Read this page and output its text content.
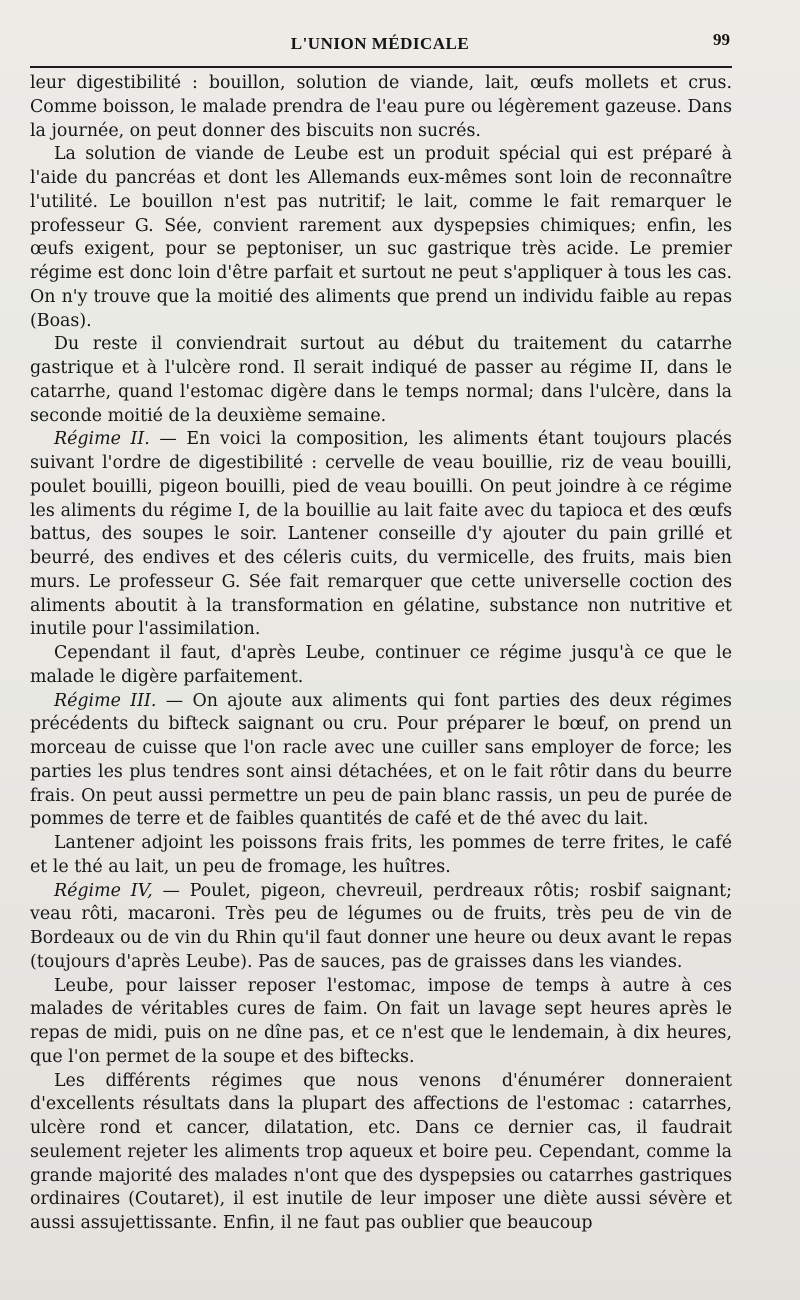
L'UNION MÉDICALE	99

leur digestibilité : bouillon, solution de viande, lait, œufs mollets et crus. Comme boisson, le malade prendra de l'eau pure ou légèrement gazeuse. Dans la journée, on peut donner des biscuits non sucrés.

La solution de viande de Leube est un produit spécial qui est préparé à l'aide du pancréas et dont les Allemands eux-mêmes sont loin de reconnaître l'utilité. Le bouillon n'est pas nutritif; le lait, comme le fait remarquer le professeur G. Sée, convient rarement aux dyspepsies chimiques; enfin, les œufs exigent, pour se peptoniser, un suc gastrique très acide. Le premier régime est donc loin d'être parfait et surtout ne peut s'appliquer à tous les cas. On n'y trouve que la moitié des aliments que prend un individu faible au repas (Boas).

Du reste il conviendrait surtout au début du traitement du catarrhe gastrique et à l'ulcère rond. Il serait indiqué de passer au régime II, dans le catarrhe, quand l'estomac digère dans le temps normal; dans l'ulcère, dans la seconde moitié de la deuxième semaine.

Régime II. — En voici la composition, les aliments étant toujours placés suivant l'ordre de digestibilité : cervelle de veau bouillie, riz de veau bouilli, poulet bouilli, pigeon bouilli, pied de veau bouilli. On peut joindre à ce régime les aliments du régime I, de la bouillie au lait faite avec du tapioca et des œufs battus, des soupes le soir. Lantener conseille d'y ajouter du pain grillé et beurré, des endives et des céleris cuits, du vermicelle, des fruits, mais bien murs. Le professeur G. Sée fait remarquer que cette universelle coction des aliments aboutit à la transformation en gélatine, substance non nutritive et inutile pour l'assimilation.

Cependant il faut, d'après Leube, continuer ce régime jusqu'à ce que le malade le digère parfaitement.

Régime III. — On ajoute aux aliments qui font parties des deux régimes précédents du bifteck saignant ou cru. Pour préparer le bœuf, on prend un morceau de cuisse que l'on racle avec une cuiller sans employer de force; les parties les plus tendres sont ainsi détachées, et on le fait rôtir dans du beurre frais. On peut aussi permettre un peu de pain blanc rassis, un peu de purée de pommes de terre et de faibles quantités de café et de thé avec du lait.

Lantener adjoint les poissons frais frits, les pommes de terre frites, le café et le thé au lait, un peu de fromage, les huîtres.

Régime IV, — Poulet, pigeon, chevreuil, perdreaux rôtis; rosbif saignant; veau rôti, macaroni. Très peu de légumes ou de fruits, très peu de vin de Bordeaux ou de vin du Rhin qu'il faut donner une heure ou deux avant le repas (toujours d'après Leube). Pas de sauces, pas de graisses dans les viandes.

Leube, pour laisser reposer l'estomac, impose de temps à autre à ces malades de véritables cures de faim. On fait un lavage sept heures après le repas de midi, puis on ne dîne pas, et ce n'est que le lendemain, à dix heures, que l'on permet de la soupe et des biftecks.

Les différents régimes que nous venons d'énumérer donneraient d'excellents résultats dans la plupart des affections de l'estomac : catarrhes, ulcère rond et cancer, dilatation, etc. Dans ce dernier cas, il faudrait seulement rejeter les aliments trop aqueux et boire peu. Cependant, comme la grande majorité des malades n'ont que des dyspepsies ou catarrhes gastriques ordinaires (Coutaret), il est inutile de leur imposer une diète aussi sévère et aussi assujettissante. Enfin, il ne faut pas oublier que beaucoup
